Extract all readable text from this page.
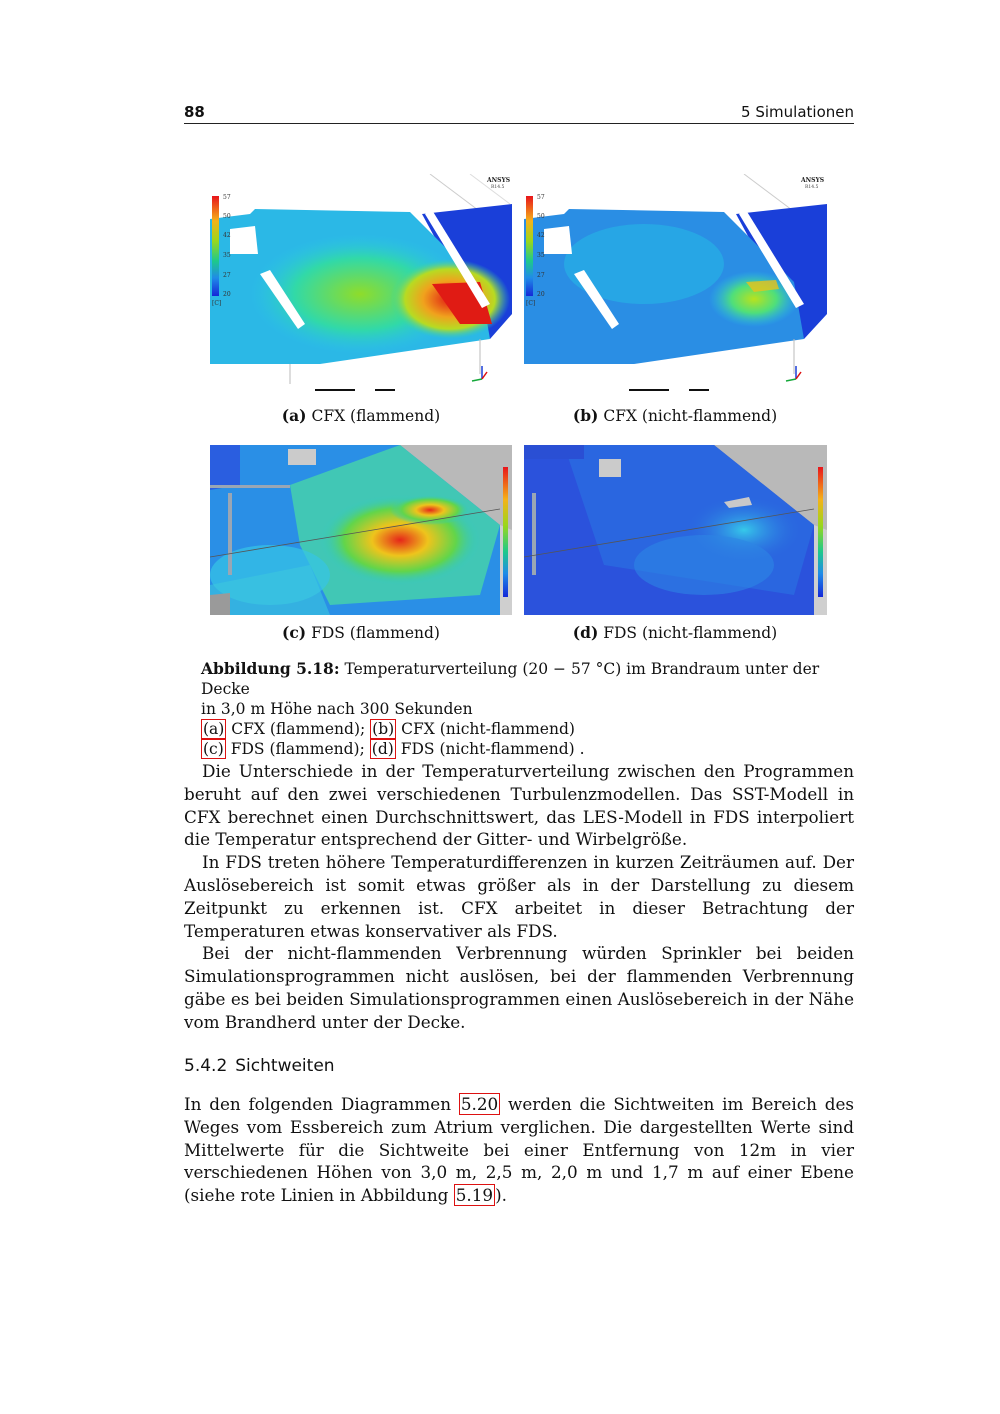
88	5 Simulationen
57
50
42
35
27
20
[C]
ANSYS
R14.5
57
50
42
35
27
20
[C]
ANSYS
R14.5
(a) CFX (flammend)	(b) CFX (nicht-flammend)
(c) FDS (flammend)	(d) FDS (nicht-flammend)
Abbildung 5.18: Temperaturverteilung (20 − 57 °C) im Brandraum unter der Decke
in 3,0 m Höhe nach 300 Sekunden
(a) CFX (flammend); (b) CFX (nicht-flammend)
(c) FDS (flammend); (d) FDS (nicht-flammend) .

Die Unterschiede in der Temperaturverteilung zwischen den Programmen beruht auf den zwei verschiedenen Turbulenzmodellen. Das SST-Modell in CFX berechnet einen Durchschnittswert, das LES-Modell in FDS interpoliert die Temperatur entsprechend der Gitter- und Wirbelgröße.

In FDS treten höhere Temperaturdifferenzen in kurzen Zeiträumen auf. Der Auslösebereich ist somit etwas größer als in der Darstellung zu diesem Zeitpunkt zu erkennen ist. CFX arbeitet in dieser Betrachtung der Temperaturen etwas konservativer als FDS.

Bei der nicht-flammenden Verbrennung würden Sprinkler bei beiden Simulationsprogrammen nicht auslösen, bei der flammenden Verbrennung gäbe es bei beiden Simulationsprogrammen einen Auslösebereich in der Nähe vom Brandherd unter der Decke.

5.4.2 Sichtweiten

In den folgenden Diagrammen 5.20 werden die Sichtweiten im Bereich des Weges vom Essbereich zum Atrium verglichen. Die dargestellten Werte sind Mittelwerte für die Sichtweite bei einer Entfernung von 12m in vier verschiedenen Höhen von 3,0 m, 2,5 m, 2,0 m und 1,7 m auf einer Ebene (siehe rote Linien in Abbildung 5.19 ).
